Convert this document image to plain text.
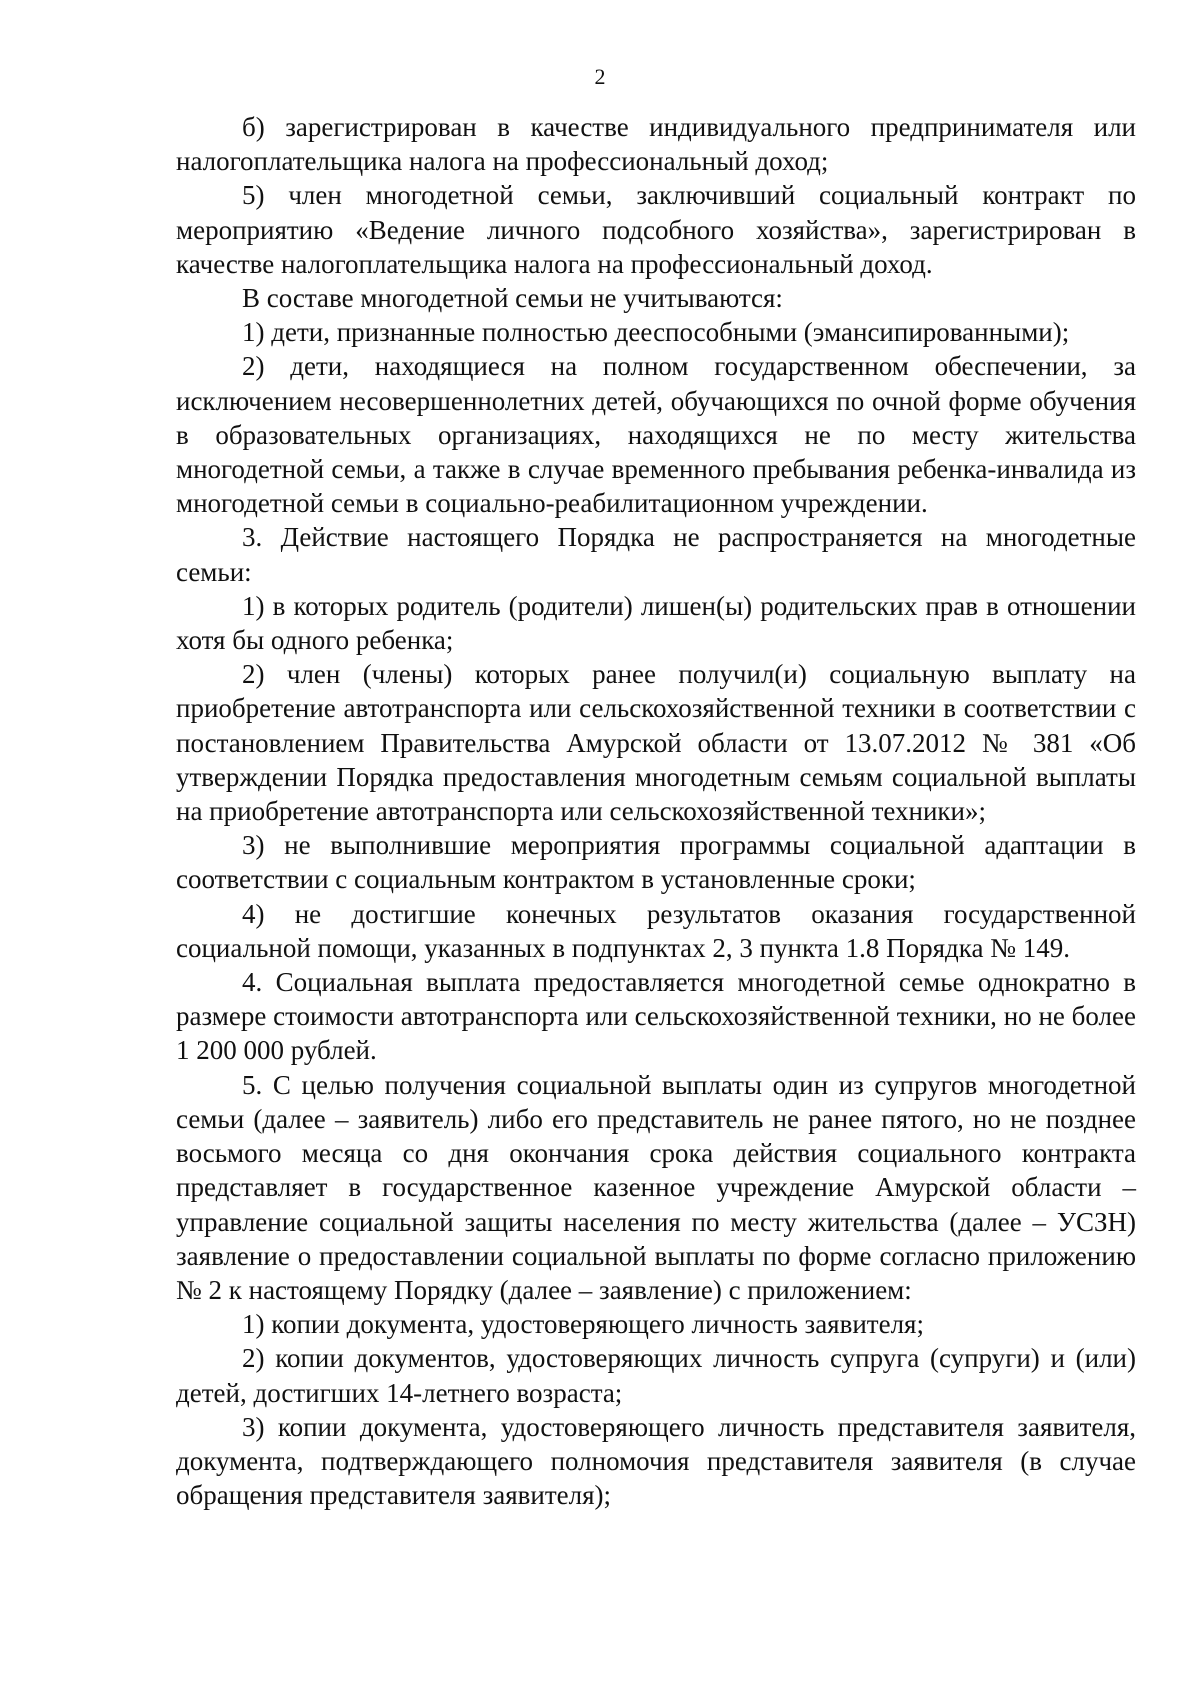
2

б) зарегистрирован в качестве индивидуального предпринимателя или налогоплательщика налога на профессиональный доход;

5) член многодетной семьи, заключивший социальный контракт по мероприятию «Ведение личного подсобного хозяйства», зарегистрирован в качестве налогоплательщика налога на профессиональный доход.

В составе многодетной семьи не учитываются:

1) дети, признанные полностью дееспособными (эмансипированными);

2) дети, находящиеся на полном государственном обеспечении, за исключением несовершеннолетних детей, обучающихся по очной форме обучения в образовательных организациях, находящихся не по месту жительства многодетной семьи, а также в случае временного пребывания ребенка-инвалида из многодетной семьи в социально-реабилитационном учреждении.

3. Действие настоящего Порядка не распространяется на многодетные семьи:

1) в которых родитель (родители) лишен(ы) родительских прав в отношении хотя бы одного ребенка;

2) член (члены) которых ранее получил(и) социальную выплату на приобретение автотранспорта или сельскохозяйственной техники в соответствии с постановлением Правительства Амурской области от 13.07.2012 № 381 «Об утверждении Порядка предоставления многодетным семьям социальной выплаты на приобретение автотранспорта или сельскохозяйственной техники»;

3) не выполнившие мероприятия программы социальной адаптации в соответствии с социальным контрактом в установленные сроки;

4) не достигшие конечных результатов оказания государственной социальной помощи, указанных в подпунктах 2, 3 пункта 1.8 Порядка № 149.

4. Социальная выплата предоставляется многодетной семье однократно в размере стоимости автотранспорта или сельскохозяйственной техники, но не более 1 200 000 рублей.

5. С целью получения социальной выплаты один из супругов многодетной семьи (далее – заявитель) либо его представитель не ранее пятого, но не позднее восьмого месяца со дня окончания срока действия социального контракта представляет в государственное казенное учреждение Амурской области – управление социальной защиты населения по месту жительства (далее – УСЗН) заявление о предоставлении социальной выплаты по форме согласно приложению № 2 к настоящему Порядку (далее – заявление) с приложением:

1) копии документа, удостоверяющего личность заявителя;

2) копии документов, удостоверяющих личность супруга (супруги) и (или) детей, достигших 14-летнего возраста;

3) копии документа, удостоверяющего личность представителя заявителя, документа, подтверждающего полномочия представителя заявителя (в случае обращения представителя заявителя);
